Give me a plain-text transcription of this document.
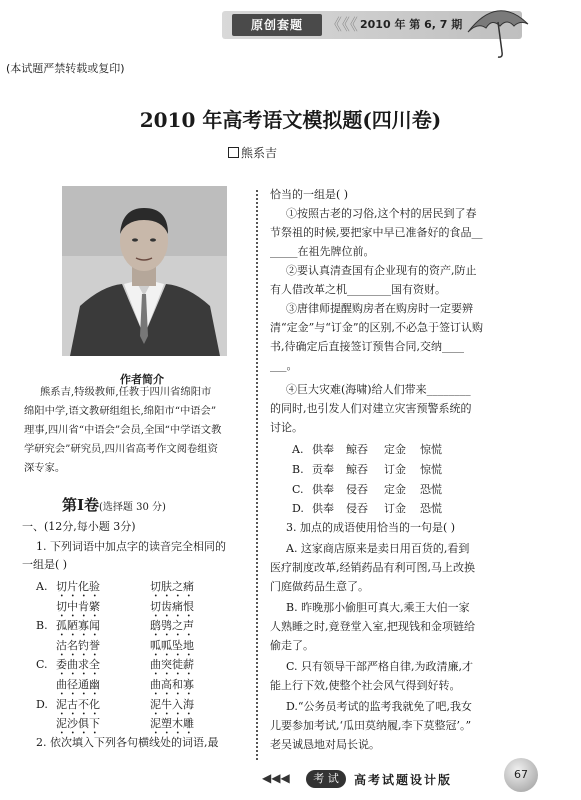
原创套题	《《《 2010 年 第 6, 7 期
(本试题严禁转载或复印)
2010 年高考语文模拟题(四川卷)
熊系吉
作者简介
熊系吉,特级教师,任教于四川省绵阳市
绵阳中学,语文教研组组长,绵阳市“中语会”
理事,四川省“中语会”会员,全国“中学语文教
学研究会”研究员,四川省高考作文阅卷组资
深专家。
第Ⅰ卷(选择题 30 分)
一、(12分,每小题 3分)
1. 下列词语中加点字的读音完全相同的
一组是( )
A. 切片化验	切肤之痛
切中肯綮	切齿痛恨
B. 孤陋寡闻	鸱鸮之声
沽名钓誉	呱呱坠地
C. 委曲求全	曲突徙薪
曲径通幽	曲高和寡
D. 泥古不化	泥牛入海
泥沙俱下	泥塑木雕
2. 依次填入下列各句横线处的词语,最
恰当的一组是( )
①按照古老的习俗,这个村的居民到了春
节祭祖的时候,要把家中早已准备好的食品__
_____在祖先牌位前。
②要认真清查国有企业现有的资产,防止
有人借改革之机________国有资财。
③唐律师提醒购房者在购房时一定要辨
清“定金”与“订金”的区别,不必急于签订认购
书,待确定后直接签订预售合同,交纳____
___。
④巨大灾难(海啸)给人们带来________
的同时,也引发人们对建立灾害预警系统的
讨论。
A. 供奉 鲸吞 定金 惊慌
B. 贡奉 鲸吞 订金 惊慌
C. 供奉 侵吞 定金 恐慌
D. 供奉 侵吞 订金 恐慌
3. 加点的成语使用恰当的一句是( )
A. 这家商店原来是卖日用百货的,看到
医疗制度改革,经销药品有利可图,马上改换
门庭做药品生意了。
B. 昨晚那小偷胆可真大,乘王大伯一家
人熟睡之时,竟登堂入室,把现钱和金项链给
偷走了。
C. 只有领导干部严格自律,为政清廉,才
能上行下效,使整个社会风气得到好转。
D.“公务员考试的监考我就免了吧,我女
儿要参加考试,‘瓜田莫纳履,李下莫整冠’。”
老吴诚恳地对局长说。
◀◀◀	考 试	高考试题设计版	67
